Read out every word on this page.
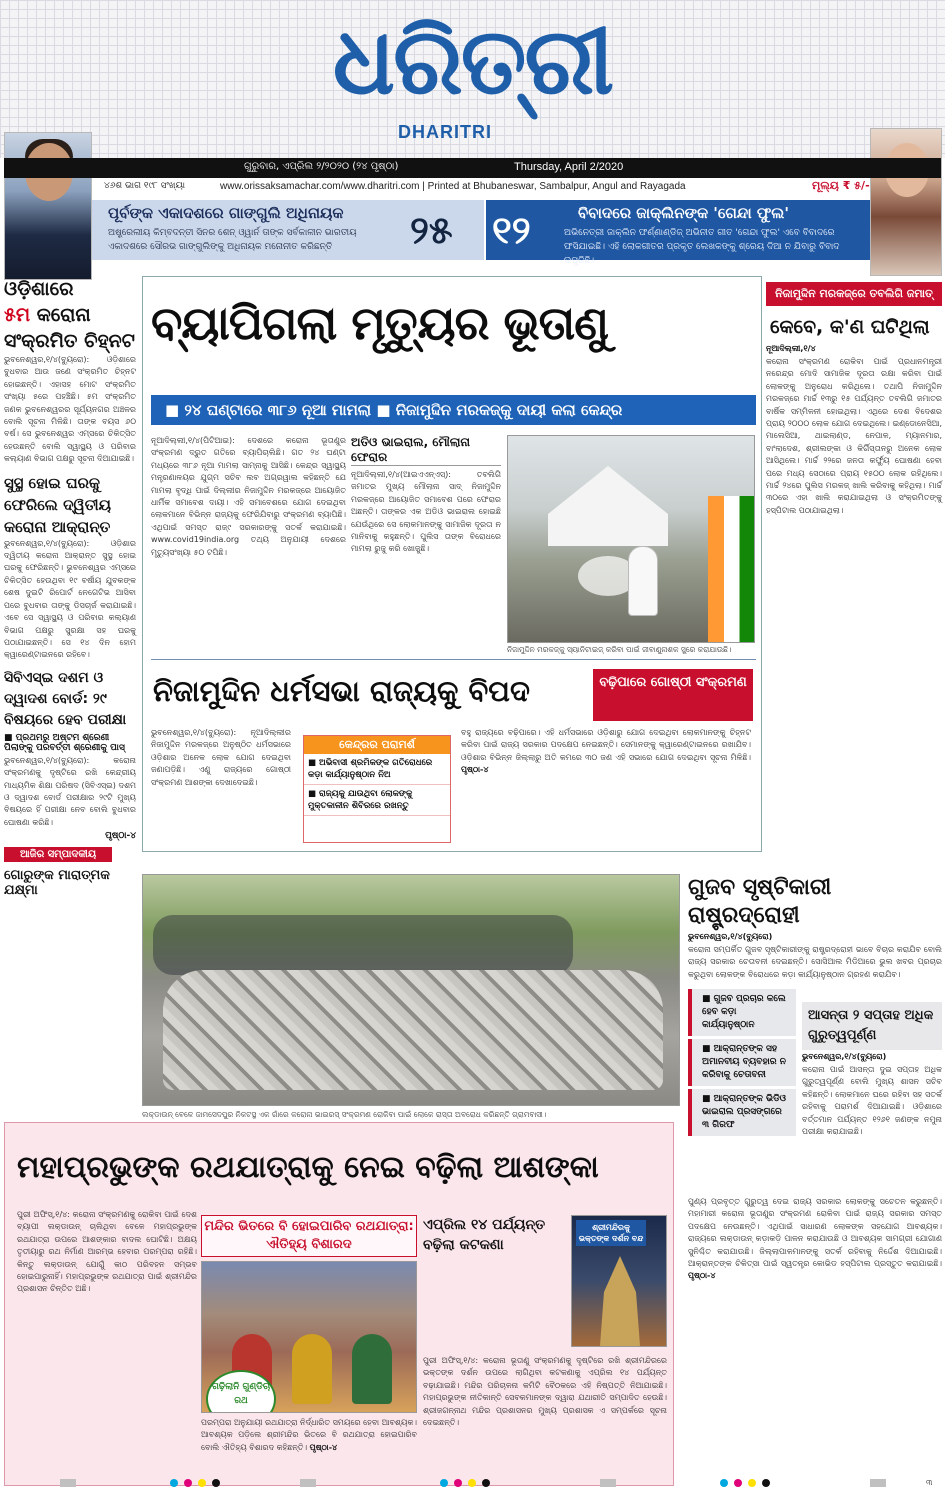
ଧରିତ୍ରୀ
DHARITRI
ଗୁରୁବାର, ଏପ୍ରିଲ ୨/୨୦୨୦ (୨୪ ପୃଷ୍ଠା)	Thursday, April 2/2020
୪୬ଶ ଭାଗ ୧୯୮ ସଂଖ୍ୟା	www.orissaksamachar.com/www.dharitri.com | Printed at Bhubaneswar, Sambalpur, Angul and Rayagada	ମୂଲ୍ୟ ₹ ୫/-
ପୂର୍ବଙ୍କ ଏକାଦଶରେ ଗାଙ୍ଗୁଲି ଅଧିନାୟକ
ଅଷ୍ଟ୍ରେଲୀୟ କିମ୍ବଦନ୍ତୀ ସିନର ଶେନ୍ ଓ୍ୱାର୍ନ ତାଙ୍କ ସର୍ବକାଳୀନ ଭାରତୀୟ ଏକାଦଶରେ ସୌରଭ ଗାଙ୍ଗୁଲିଙ୍କୁ ଅଧିନାୟକ ମନୋନୀତ କରିଛନ୍ତି	୨୫ ୧୨	ବିବାଦରେ ଜାକ୍ଲିନଙ୍କ 'ଗେନ୍ଦା ଫୁଲ'
ଅଭିନେତ୍ରୀ ଜାକ୍ଲିନ ଫର୍ଣ୍ଣାଣ୍ଡିଜ୍ ଅଭିନୀତ ଗୀତ 'ଗେନ୍ଦା ଫୁଲ' ଏବେ ବିବାଦରେ ଫସିଯାଇଛି। ଏହି ଲୋକଗୀତର ପ୍ରକୃତ ଲେଖକଙ୍କୁ ଶ୍ରେୟ ଦିଆ ନ ଯିବାରୁ ବିବାଦ ଉପୁଜିଛି।
ଓଡ଼ିଶାରେ
୫ମ କରୋନା ସଂକ୍ରମିତ ଚିହ୍ନଟ
ଭୁବନେଶ୍ୱର,୧/୪(ବ୍ୟୁରୋ): ଓଡ଼ିଶାରେ ବୁଧବାର ଆଉ ଜଣେ ସଂକ୍ରମିତ ଚିହ୍ନଟ ହୋଇଛନ୍ତି। ଏହାସହ ମୋଟ ସଂକ୍ରମିତ ସଂଖ୍ୟା ୫ରେ ପହଞ୍ଚିଛି। ୫ମ ସଂକ୍ରମିତ ଜଣକ ଭୁବନେଶ୍ୱରର ସୂର୍ଯ୍ୟନଗର ଅଞ୍ଚଳର ବୋଲି ସୂଚନା ମିଳିଛି। ତାଙ୍କ ବୟସ ୬୦ ବର୍ଷ। ସେ ଭୁବନେଶ୍ୱର ଏମ୍ସରେ ଚିକିତ୍ସିତ ହେଉଛନ୍ତି ବୋଲି ସ୍ୱାସ୍ଥ୍ୟ ଓ ପରିବାର କଲ୍ୟାଣ ବିଭାଗ ପକ୍ଷରୁ ସୂଚନା ଦିଆଯାଇଛି।
ସୁସ୍ଥ ହୋଇ ଘରକୁ ଫେରିଲେ ଦ୍ୱିତୀୟ କରୋନା ଆକ୍ରାନ୍ତ
ଭୁବନେଶ୍ୱର,୧/୪(ବ୍ୟୁରୋ): ଓଡ଼ିଶାର ଦ୍ୱିତୀୟ କରୋନା ଆକ୍ରାନ୍ତ ସୁସ୍ଥ ହୋଇ ଘରକୁ ଫେରିଛନ୍ତି। ଭୁବନେଶ୍ୱର ଏମ୍ସରେ ଚିକିତ୍ସିତ ହେଉଥିବା ୧୯ ବର୍ଷୀୟ ଯୁବକଙ୍କ ଶେଷ ଦୁଇଟି ରିପୋର୍ଟ ନେଗେଟିଭ ଆସିବା ପରେ ବୁଧବାର ତାଙ୍କୁ ଡିସଚାର୍ଜ କରାଯାଇଛି। ଏବେ ସେ ସ୍ୱାସ୍ଥ୍ୟ ଓ ପରିବାର କଲ୍ୟାଣ ବିଭାଗ ପକ୍ଷରୁ ସୁରକ୍ଷା ସହ ଘରକୁ ପଠାଯାଇଛନ୍ତି। ସେ ୧୪ ଦିନ ହୋମ କ୍ୱାରେଣ୍ଟାଇନରେ ରହିବେ।
ସିବିଏସ୍‌ଇ ଦଶମ ଓ ଦ୍ୱାଦଶ ବୋର୍ଡ: ୨୯ ବିଷୟରେ ହେବ ପରୀକ୍ଷା
■ ପ୍ରଥମରୁ ଅଷ୍ଟମ ଶ୍ରେଣୀ ପିଲାଙ୍କୁ ପରବର୍ତ୍ତୀ ଶ୍ରେଣୀକୁ ପାସ୍
ଭୁବନେଶ୍ୱର,୧/୪(ବ୍ୟୁରୋ): କରୋନା ସଂକ୍ରମଣକୁ ଦୃଷ୍ଟିରେ ରଖି କେନ୍ଦ୍ରୀୟ ମାଧ୍ୟମିକ ଶିକ୍ଷା ପରିଷଦ (ସିବିଏସ୍‌ଇ) ଦଶମ ଓ ଦ୍ୱାଦଶ ବୋର୍ଡ ପରୀକ୍ଷାର ୨୯ଟି ମୁଖ୍ୟ ବିଷୟରେ ହିଁ ପରୀକ୍ଷା ନେବ ବୋଲି ବୁଧବାର ଘୋଷଣା କରିଛି।
ପୃଷ୍ଠା-୪
ଆଜିର ସମ୍ପାଦକୀୟ
ଗୋରୁଙ୍କ ମାରାତ୍ମକ ଯକ୍ଷ୍ମା
ବ୍ୟାପିଗଲା ମୃତ୍ୟୁର ଭୂତାଣୁ
■ ୨୪ ଘଣ୍ଟାରେ ୩୮୬ ନୂଆ ମାମଲା ■ ନିଜାମୁଦ୍ଦିନ ମରକଜ୍‌କୁ ଦାୟୀ କଲା କେନ୍ଦ୍ର
ନୂଆଦିଲ୍ଲୀ,୧/୪(ପିଟିଆଇ): ଦେଶରେ କରୋନା ଭୂତାଣୁର ସଂକ୍ରମଣ ଦ୍ରୁତ ଗତିରେ ବ୍ୟାପିଚାଲିଛି। ଗତ ୨୪ ଘଣ୍ଟା ମଧ୍ୟରେ ୩୮୬ ନୂଆ ମାମଲା ସାମ୍ନାକୁ ଆସିଛି। କେନ୍ଦ୍ର ସ୍ୱାସ୍ଥ୍ୟ ମନ୍ତ୍ରଣାଳୟର ଯୁଗ୍ମ ସଚିବ ଲବ ଅଗ୍ରୱାଲ କହିଛନ୍ତି ଯେ ମାମଲା ବୃଦ୍ଧି ପାଇଁ ଦିଲ୍ଲୀର ନିଜାମୁଦ୍ଦିନ ମରକଜ୍‌ରେ ଆୟୋଜିତ ଧାର୍ମିକ ସମାବେଶ ଦାୟୀ। ଏହି ସମାବେଶରେ ଯୋଗ ଦେଇଥିବା ଲୋକମାନେ ବିଭିନ୍ନ ରାଜ୍ୟକୁ ଫେରିଯିବାରୁ ସଂକ୍ରମଣ ବ୍ୟାପିଛି। ଏଥିପାଇଁ ସମସ୍ତ ରାଜ୍୯ ସରକାରଙ୍କୁ ସତର୍କ କରାଯାଇଛି। www.covid19india.org ତଥ୍ୟ ଅନୁଯାୟୀ ଦେଶରେ ମୃତ୍ୟୁସଂଖ୍ୟା ୫୦ ଟପିଛି।
ଅତିଓ ଭାଇରାଲ, ମୌଲାନା ଫେରାର
ନୂଆଦିଲ୍ଲୀ,୧/୪(ଆଇଏଏନ୍‌ଏସ୍): ତବଲିଗି ଜମାତର ମୁଖ୍ୟ ମୌଲାନା ସାଦ୍ ନିଜାମୁଦ୍ଦିନ ମରକଜ୍‌ରେ ଆୟୋଜିତ ସମାବେଶ ପରେ ଫେରାର ଅଛନ୍ତି। ତାଙ୍କର ଏକ ଅଡିଓ ଭାଇରାଲ ହୋଇଛି ଯେଉଁଥିରେ ସେ ଲୋକମାନଙ୍କୁ ସାମାଜିକ ଦୂରତା ନ ମାନିବାକୁ କହୁଛନ୍ତି। ପୁଲିସ ତାଙ୍କ ବିରୋଧରେ ମାମଲା ରୁଜୁ କରି ଖୋଜୁଛି।
ନିଜାମୁଦ୍ଦିନ ମରକଜ୍‌କୁ ସ୍ୟାନିଟାଇଜ୍ କରିବା ପାଇଁ ଜୀବାଣୁନାଶକ ସ୍ପ୍ରେ କରାଯାଉଛି।
ନିଜାମୁଦ୍ଦିନ ଧର୍ମସଭା ରାଜ୍ୟକୁ ବିପଦ	ବଢ଼ିପାରେ ଗୋଷ୍ଠୀ ସଂକ୍ରମଣ
ଭୁବନେଶ୍ୱର,୧/୪(ବ୍ୟୁରୋ): ନୂଆଦିଲ୍ଲୀର ନିଜାମୁଦ୍ଦିନ ମରକଜ୍‌ରେ ଅନୁଷ୍ଠିତ ଧର୍ମସଭାରେ ଓଡ଼ିଶାର ଅନେକ ଲୋକ ଯୋଗ ଦେଇଥିବା ଜଣାପଡ଼ିଛି। ଏଣୁ ରାଜ୍ୟରେ ଗୋଷ୍ଠୀ ସଂକ୍ରମଣ ଆଶଙ୍କା ଦେଖାଦେଇଛି।
କେନ୍ଦ୍ରର ପରାମର୍ଶ
■ ଅଭିବାସୀ ଶ୍ରମିକଙ୍କ ଗତିରୋଧରେ କଡ଼ା କାର୍ଯ୍ୟାନୁଷ୍ଠାନ ନିଅ
■ ରାଜ୍ୟକୁ ଯାଉଥିବା ଲୋକଙ୍କୁ ମୁକ୍ତକାଳୀନ ଶିବିରରେ ରଖନ୍ତୁ
ବହୁ ରାଜ୍ୟରେ ବଢ଼ିପାରେ। ଏହି ଧର୍ମସଭାରେ ଓଡ଼ିଶାରୁ ଯୋଗ ଦେଇଥିବା ଲୋକମାନଙ୍କୁ ଚିହ୍ନଟ କରିବା ପାଇଁ ରାଜ୍ୟ ସରକାର ପଦକ୍ଷେପ ନେଇଛନ୍ତି। ସେମାନଙ୍କୁ କ୍ୱାରେଣ୍ଟାଇନରେ ରଖାଯିବ। ଓଡ଼ିଶାର ବିଭିନ୍ନ ଜିଲ୍ଲାରୁ ଅତି କମରେ ୩୦ ଜଣ ଏହି ସଭାରେ ଯୋଗ ଦେଇଥିବା ସୂଚନା ମିଳିଛି। ପୃଷ୍ଠା-୪
ନିଜାମୁଦ୍ଦିନ ମରକଜ୍‌ରେ ତବଲିଗି ଜମାତ୍
କେବେ, କ'ଣ ଘଟିଥିଲା
ନୂଆଦିଲ୍ଲୀ,୧/୪
କରୋନା ସଂକ୍ରମଣ ରୋକିବା ପାଇଁ ପ୍ରଧାନମନ୍ତ୍ରୀ ନରେନ୍ଦ୍ର ମୋଦି ସାମାଜିକ ଦୂରତା ରକ୍ଷା କରିବା ପାଇଁ ଲୋକଙ୍କୁ ଅନୁରୋଧ କରିଥିଲେ। ତଥାପି ନିଜାମୁଦ୍ଦିନ ମରକଜ୍‌ରେ ମାର୍ଚ୍ଚ ୧୩ରୁ ୧୫ ପର୍ଯ୍ୟନ୍ତ ତବଲିଗି ଜମାତର ବାର୍ଷିକ ସମ୍ମିଳନୀ ହୋଇଥିଲା। ଏଥିରେ ଦେଶ ବିଦେଶର ପ୍ରାୟ ୨୦୦୦ ଲୋକ ଯୋଗ ଦେଇଥିଲେ। ଇଣ୍ଡୋନେସିଆ, ମାଲେସିଆ, ଥାଇଲାଣ୍ଡ, ନେପାଳ, ମ୍ୟାନମାର, ବାଂଲାଦେଶ, ଶ୍ରୀଲଙ୍କା ଓ କିର୍ଗିସ୍ତାନରୁ ଅନେକ ଲୋକ ଆସିଥିଲେ। ମାର୍ଚ୍ଚ ୨୨ରେ ଜନତା କର୍ଫ୍ୟୁ ଘୋଷଣା ହେବା ପରେ ମଧ୍ୟ ସେଠାରେ ପ୍ରାୟ ୧୫୦୦ ଲୋକ ରହିଥିଲେ। ମାର୍ଚ୍ଚ ୨୪ରେ ପୁଲିସ ମରକଜ୍ ଖାଲି କରିବାକୁ କହିଥିଲା। ମାର୍ଚ୍ଚ ୩୦ରେ ଏହା ଖାଲି କରାଯାଇଥିଲା ଓ ସଂକ୍ରମିତଙ୍କୁ ହସ୍ପିଟାଲ ପଠାଯାଇଥିଲା।
ଲକ୍‌ଡାଉନ୍ ବେଳେ ଜାମସେଦପୁର ନିକଟସ୍ଥ ଏକ ଗାଁରେ କରୋନା ଭାଇରସ୍ ସଂକ୍ରମଣ ରୋକିବା ପାଇଁ ଲୋକେ ରାସ୍ତା ଅବରୋଧ କରିଛନ୍ତି ଗ୍ରାମବାସୀ।
ଗୁଜବ ସୃଷ୍ଟିକାରୀ ରାଷ୍ଟ୍ରଦ୍ରୋହୀ
ଭୁବନେଶ୍ୱର,୧/୪(ବ୍ୟୁରୋ)
କରୋନା ସମ୍ପର୍କିତ ଗୁଜବ ସୃଷ୍ଟିକାରୀଙ୍କୁ ରାଷ୍ଟ୍ରଦ୍ରୋହୀ ଭାବେ ବିଚାର କରାଯିବ ବୋଲି ରାଜ୍ୟ ସରକାର ଚେତାବନୀ ଦେଇଛନ୍ତି। ସୋସିଆଲ ମିଡିଆରେ ଭୁଲ ଖବର ପ୍ରଚାର କରୁଥିବା ଲୋକଙ୍କ ବିରୋଧରେ କଡ଼ା କାର୍ଯ୍ୟାନୁଷ୍ଠାନ ଗ୍ରହଣ କରାଯିବ।
■ ଗୁଜବ ପ୍ରଚାର କଲେ ହେବ କଡ଼ା କାର୍ଯ୍ୟାନୁଷ୍ଠାନ
■ ଆକ୍ରାନ୍ତଙ୍କ ସହ ଅମାନବୀୟ ବ୍ୟବହାର ନ କରିବାକୁ ଚେତାବନୀ
■ ଆକ୍ରାନ୍ତଙ୍କ ଭିଡିଓ ଭାଇରାଲ ପ୍ରସଙ୍ଗରେ ୩ ଗିରଫ
ଆସନ୍ତା ୨ ସପ୍ତାହ ଅଧିକ ଗୁରୁତ୍ୱପୂର୍ଣ୍ଣ
ଭୁବନେଶ୍ୱର,୧/୪(ବ୍ୟୁରୋ)
କରୋନା ପାଇଁ ଆସନ୍ତା ଦୁଇ ସପ୍ତାହ ଅଧିକ ଗୁରୁତ୍ୱପୂର୍ଣ୍ଣ ବୋଲି ମୁଖ୍ୟ ଶାସନ ସଚିବ କହିଛନ୍ତି। ଲୋକମାନେ ଘରେ ରହିବା ସହ ସତର୍କ ରହିବାକୁ ପରାମର୍ଶ ଦିଆଯାଇଛି। ଓଡ଼ିଶାରେ ବର୍ତ୍ତମାନ ପର୍ଯ୍ୟନ୍ତ ୧୨୬୧ ଜଣଙ୍କ ନମୁନା ପରୀକ୍ଷା କରାଯାଇଛି।
ପୁଣ୍ୟ ପ୍ରବୃତ୍ତ ଗୁରୁତ୍ୱ ଦେଇ ରାଜ୍ୟ ସରକାର ଲୋକଙ୍କୁ ସଚେତନ କରୁଛନ୍ତି। ମହାମାରୀ କରୋନା ଭୂତାଣୁର ସଂକ୍ରମଣ ରୋକିବା ପାଇଁ ରାଜ୍ୟ ସରକାର ସମସ୍ତ ପଦକ୍ଷେପ ନେଉଛନ୍ତି। ଏଥିପାଇଁ ସାଧାରଣ ଲୋକଙ୍କ ସହଯୋଗ ଆବଶ୍ୟକ। ରାଜ୍ୟରେ ଲକ୍‌ଡାଉନ୍ କଡ଼ାକଡ଼ି ପାଳନ କରାଯାଉଛି ଓ ଆବଶ୍ୟକ ସାମଗ୍ରୀ ଯୋଗାଣ ସୁନିଶ୍ଚିତ କରାଯାଉଛି। ଜିଲ୍ଲାପାଳମାନଙ୍କୁ ସତର୍କ ରହିବାକୁ ନିର୍ଦ୍ଦେଶ ଦିଆଯାଇଛି। ଆକ୍ରାନ୍ତଙ୍କ ଚିକିତ୍ସା ପାଇଁ ସ୍ୱତନ୍ତ୍ର କୋଭିଡ ହସ୍ପିଟାଲ ପ୍ରସ୍ତୁତ କରାଯାଇଛି। ପୃଷ୍ଠା-୪
ମହାପ୍ରଭୁଙ୍କ ରଥଯାତ୍ରାକୁ ନେଇ ବଢ଼ିଲା ଆଶଙ୍କା
ପୁରୀ ଅଫିସ୍,୧/୪: କରୋନା ସଂକ୍ରମଣକୁ ରୋକିବା ପାଇଁ ଦେଶ ବ୍ୟାପୀ ଲକ୍‌ଡାଉନ୍ ଚାଲିଥିବା ବେଳେ ମହାପ୍ରଭୁଙ୍କ ରଥଯାତ୍ରା ଉପରେ ଆଶଙ୍କାର ବାଦଲ ଘୋଟିଛି। ଅକ୍ଷୟ ତୃତୀୟାରୁ ରଥ ନିର୍ମାଣ ଆରମ୍ଭ ହେବାର ପରମ୍ପରା ରହିଛି। କିନ୍ତୁ ଲକ୍‌ଡାଉନ୍ ଯୋଗୁଁ କାଠ ପରିବହନ ସମ୍ଭବ ହୋଇପାରୁନାହିଁ। ମହାପ୍ରଭୁଙ୍କ ରଥଯାତ୍ରା ପାଇଁ ଶ୍ରୀମନ୍ଦିର ପ୍ରଶାସନ ଚିନ୍ତିତ ଅଛି।
ମନ୍ଦିର ଭିତରେ ବି ହୋଇପାରିବ ରଥଯାତ୍ରା: ଐତିହ୍ୟ ବିଶାରଦ
ଗଢ଼ିଲାନି ଗୁଣ୍ଡିଚା ରଥ
ପରମ୍ପରା ଅନୁଯାୟୀ ରଥଯାତ୍ରା ନିର୍ଦ୍ଧାରିତ ସମୟରେ ହେବା ଆବଶ୍ୟକ। ଆବଶ୍ୟକ ପଡ଼ିଲେ ଶ୍ରୀମନ୍ଦିର ଭିତରେ ବି ରଥଯାତ୍ରା ହୋଇପାରିବ ବୋଲି ଐତିହ୍ୟ ବିଶାରଦ କହିଛନ୍ତି। ପୃଷ୍ଠା-୪
ଏପ୍ରିଲ ୧୪ ପର୍ଯ୍ୟନ୍ତ ବଢ଼ିଲା କଟକଣା
ଶ୍ରୀମନ୍ଦିରକୁ ଭକ୍ତଙ୍କ ଦର୍ଶନ ବନ୍ଦ
ପୁରୀ ଅଫିସ୍,୧/୪: କରୋନା ଭୂତାଣୁ ସଂକ୍ରମଣକୁ ଦୃଷ୍ଟିରେ ରଖି ଶ୍ରୀମନ୍ଦିରରେ ଭକ୍ତଙ୍କ ଦର୍ଶନ ଉପରେ ଲାଗିଥିବା କଟକଣାକୁ ଏପ୍ରିଲ ୧୪ ପର୍ଯ୍ୟନ୍ତ ବଢ଼ାଯାଇଛି। ମନ୍ଦିର ପରିଚାଳନା କମିଟି ବୈଠକରେ ଏହି ନିଷ୍ପତ୍ତି ନିଆଯାଇଛି। ମହାପ୍ରଭୁଙ୍କ ନୀତିକାନ୍ତି ସେବକମାନଙ୍କ ଦ୍ୱାରା ଯଥାରୀତି ସମ୍ପାଦିତ ହେଉଛି। ଶ୍ରୀଜଗନ୍ନାଥ ମନ୍ଦିର ପ୍ରଶାସନର ମୁଖ୍ୟ ପ୍ରଶାସକ ଏ ସମ୍ପର୍କରେ ସୂଚନା ଦେଇଛନ୍ତି।
୩
